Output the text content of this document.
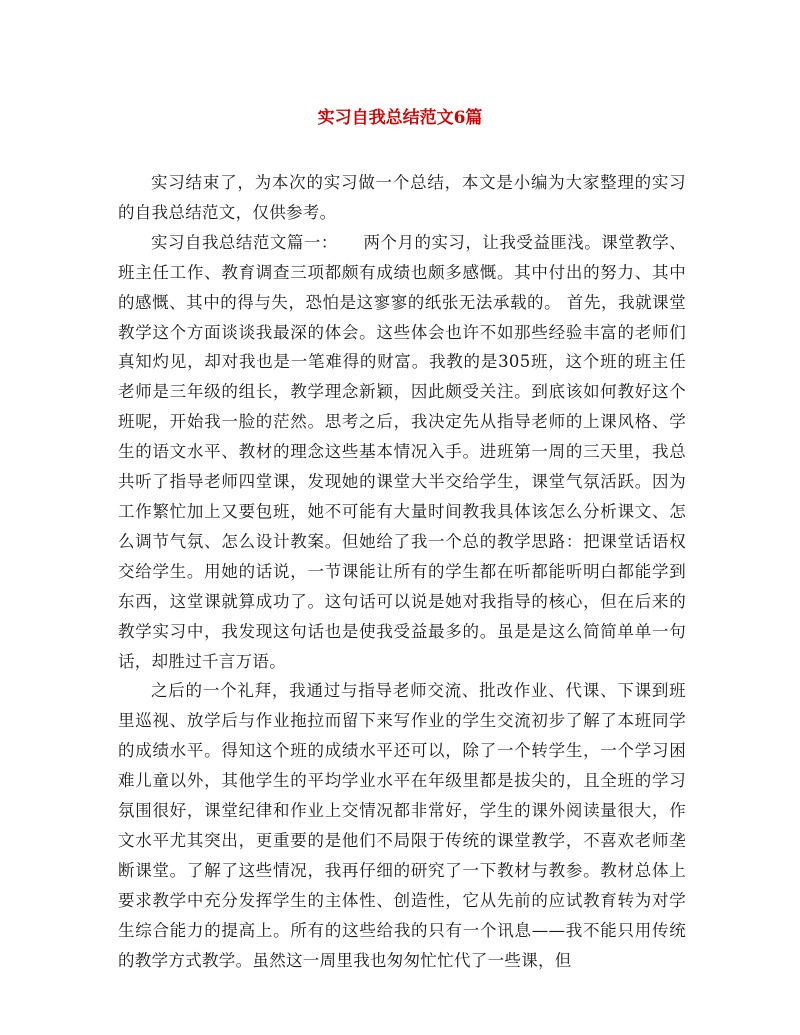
实习自我总结范文6篇

实习结束了，为本次的实习做一个总结，本文是小编为大家整理的实习的自我总结范文，仅供参考。

实习自我总结范文篇一：　　两个月的实习，让我受益匪浅。课堂教学、班主任工作、教育调查三项都颇有成绩也颇多感慨。其中付出的努力、其中的感慨、其中的得与失，恐怕是这寥寥的纸张无法承载的。 首先，我就课堂教学这个方面谈谈我最深的体会。这些体会也许不如那些经验丰富的老师们真知灼见，却对我也是一笔难得的财富。我教的是305班，这个班的班主任老师是三年级的组长，教学理念新颖，因此颇受关注。到底该如何教好这个班呢，开始我一脸的茫然。思考之后，我决定先从指导老师的上课风格、学生的语文水平、教材的理念这些基本情况入手。进班第一周的三天里，我总共听了指导老师四堂课，发现她的课堂大半交给学生，课堂气氛活跃。因为工作繁忙加上又要包班，她不可能有大量时间教我具体该怎么分析课文、怎么调节气氛、怎么设计教案。但她给了我一个总的教学思路：把课堂话语权交给学生。用她的话说，一节课能让所有的学生都在听都能听明白都能学到东西，这堂课就算成功了。这句话可以说是她对我指导的核心，但在后来的教学实习中，我发现这句话也是使我受益最多的。虽是是这么简简单单一句话，却胜过千言万语。

之后的一个礼拜，我通过与指导老师交流、批改作业、代课、下课到班里巡视、放学后与作业拖拉而留下来写作业的学生交流初步了解了本班同学的成绩水平。得知这个班的成绩水平还可以，除了一个转学生，一个学习困难儿童以外，其他学生的平均学业水平在年级里都是拔尖的，且全班的学习氛围很好，课堂纪律和作业上交情况都非常好，学生的课外阅读量很大，作文水平尤其突出，更重要的是他们不局限于传统的课堂教学，不喜欢老师垄断课堂。了解了这些情况，我再仔细的研究了一下教材与教参。教材总体上要求教学中充分发挥学生的主体性、创造性，它从先前的应试教育转为对学生综合能力的提高上。所有的这些给我的只有一个讯息——我不能只用传统的教学方式教学。虽然这一周里我也匆匆忙忙代了一些课，但
